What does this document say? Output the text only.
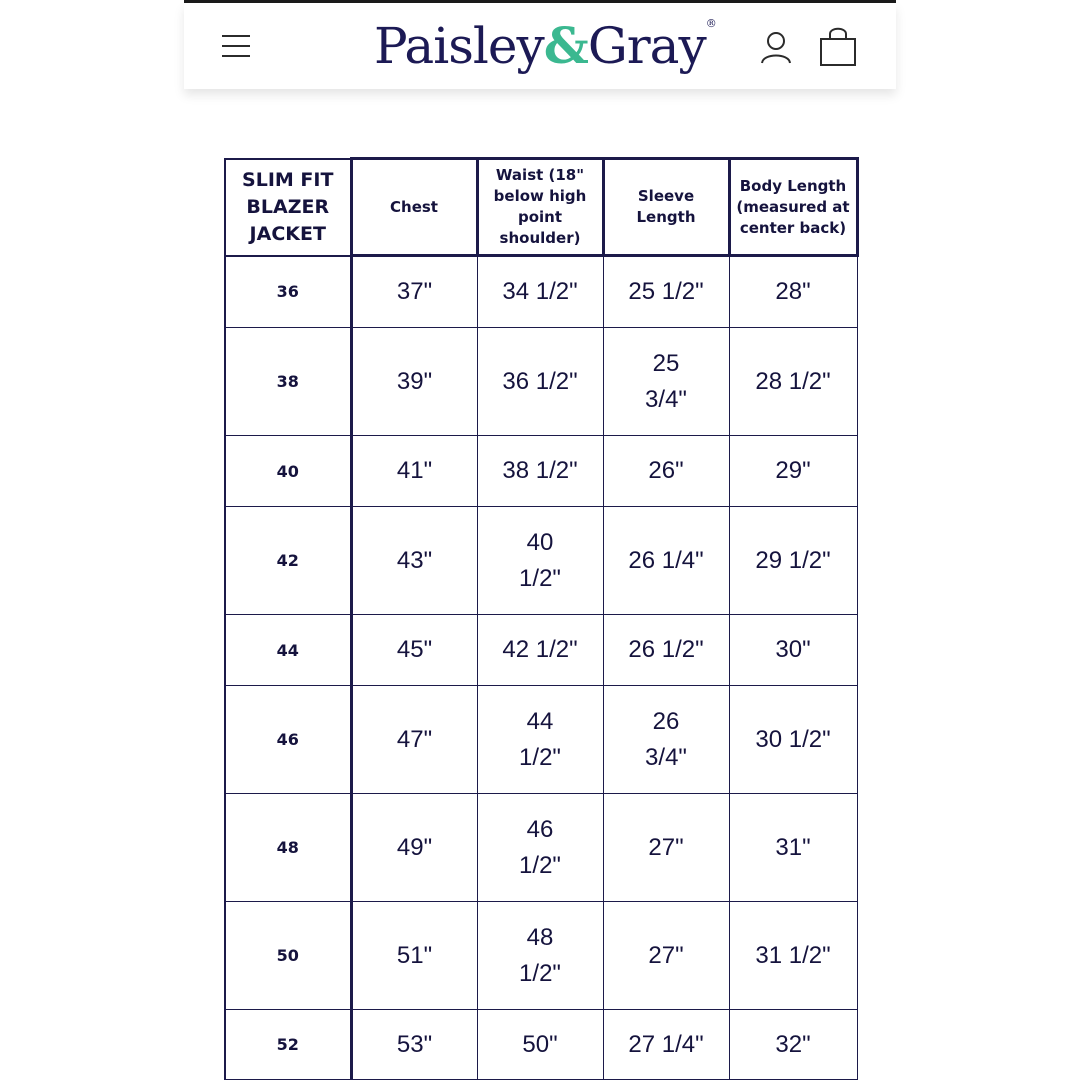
Paisley&Gray®
SLIM FIT BLAZER JACKET	Chest	Waist (18" below high point shoulder)	Sleeve Length	Body Length (measured at center back)
36	37"	34 1/2"	25 1/2"	28"
38	39"	36 1/2"	25 3/4"	28 1/2"
40	41"	38 1/2"	26"	29"
42	43"	40 1/2"	26 1/4"	29 1/2"
44	45"	42 1/2"	26 1/2"	30"
46	47"	44 1/2"	26 3/4"	30 1/2"
48	49"	46 1/2"	27"	31"
50	51"	48 1/2"	27"	31 1/2"
52	53"	50"	27 1/4"	32"
